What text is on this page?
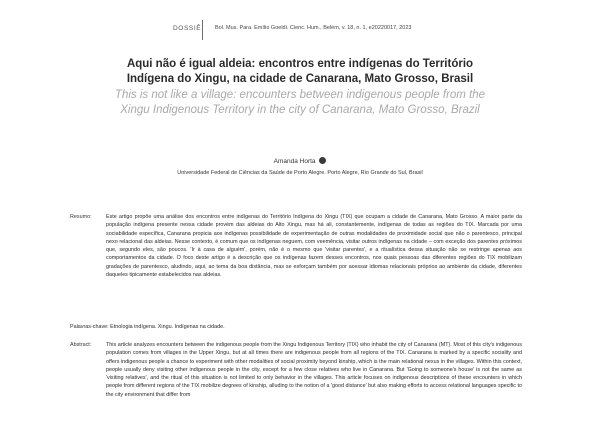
DOSSIÊ	Bol. Mus. Para. Emílio Goeldi. Cienc. Hum., Belém, v. 18, n. 1, e20220017, 2023
Aqui não é igual aldeia: encontros entre indígenas do Território
Indígena do Xingu, na cidade de Canarana, Mato Grosso, Brasil
This is not like a village: encounters between indigenous people from the
Xingu Indigenous Territory in the city of Canarana, Mato Grosso, Brazil
Amanda Horta
Universidade Federal de Ciências da Saúde de Porto Alegre. Porto Alegre, Rio Grande do Sul, Brasil
Resumo:	Este artigo propõe uma análise dos encontros entre indígenas do Território Indígena do Xingu (TIX) que ocupam a cidade de Canarana, Mato Grosso. A maior parte da população indígena presente nessa cidade provém das aldeias do Alto Xingu, mas há ali, constantemente, indígenas de todas as regiões do TIX. Marcada por uma sociabilidade específica, Canarana propicia aos indígenas possibilidade de experimentação de outras modalidades de proximidade social que não o parentesco, principal nexo relacional das aldeias. Nesse contexto, é comum que os indígenas neguem, com veemência, visitar outros indígenas na cidade – com exceção dos parentes próximos que, segundo eles, são poucos. 'Ir à casa de alguém', porém, não é o mesmo que 'visitar parentes', e a ritualística dessa situação não se restringe apenas aos comportamentos da cidade. O foco deste artigo é a descrição que os indígenas fazem desses encontros, nos quais pessoas das diferentes regiões do TIX mobilizam gradações de parentesco, aludindo, aqui, ao tema da boa distância, mas se esforçam também por acessar idiomas relacionais próprios ao ambiente da cidade, diferentes daqueles tipicamente estabelecidos nas aldeias.
Palavras-chave: Etnologia indígena. Xingu. Indígenas na cidade.
Abstract:	This article analyzes encounters between the indigenous people from the Xingu Indigenous Territory (TIX) who inhabit the city of Canarana (MT). Most of this city's indigenous population comes from villages in the Upper Xingu, but at all times there are indigenous people from all regions of the TIX. Canarana is marked by a specific sociality and offers indigenous people a chance to experiment with other modalities of social proximity beyond kinship, which is the main relational nexus in the villages. Within this context, people usually deny visiting other indigenous people in the city, except for a few close relatives who live in Canarana. But 'Going to someone's house' is not the same as 'visiting relatives', and the ritual of this situation is not limited to only behavior in the villages. This article focuses on indigenous descriptions of these encounters in which people from different regions of the TIX mobilize degrees of kinship, alluding to the notion of a 'good distance' but also making efforts to access relational languages specific to the city environment that differ from
